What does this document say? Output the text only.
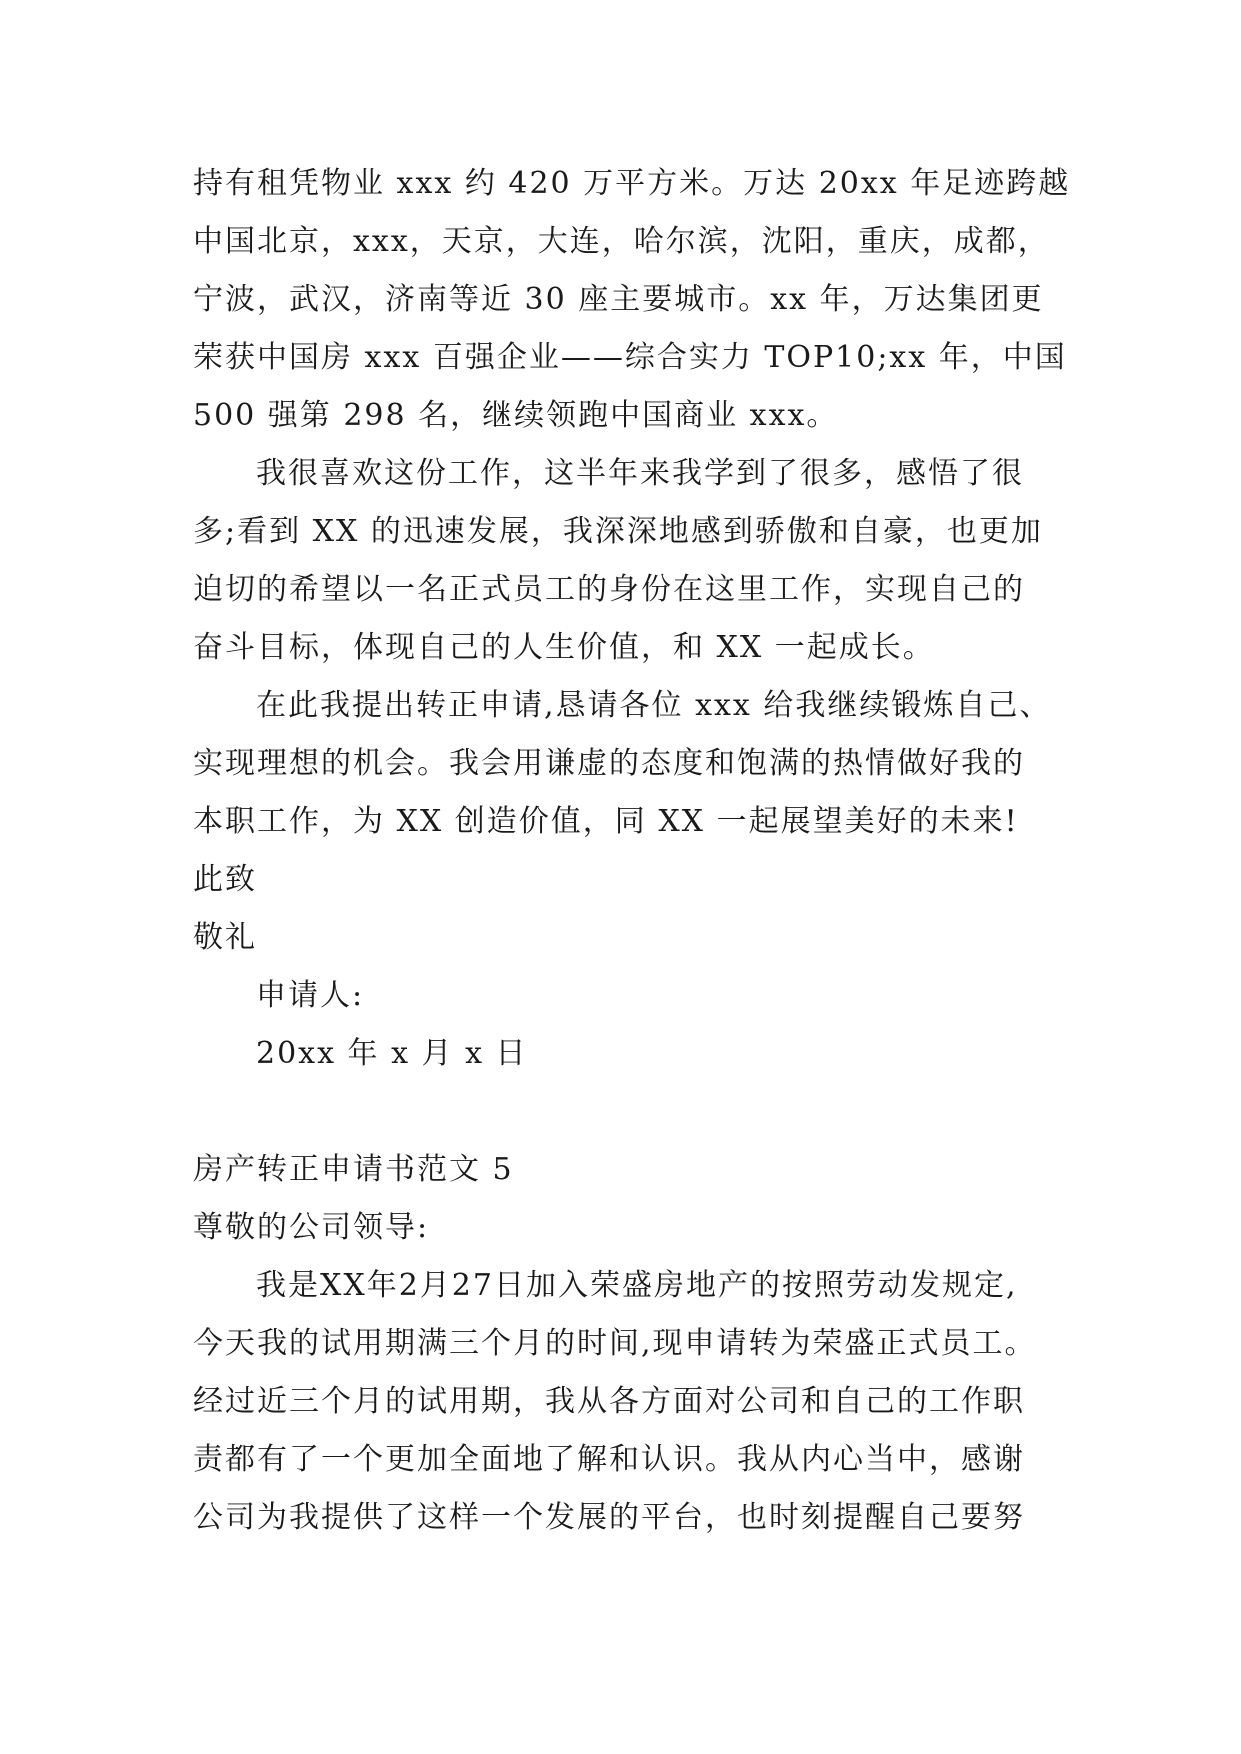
持有租凭物业 xxx 约 420 万平方米。万达 20xx 年足迹跨越
中国北京，xxx，天京，大连，哈尔滨，沈阳，重庆，成都，
宁波，武汉，济南等近 30 座主要城市。xx 年，万达集团更
荣获中国房 xxx 百强企业——综合实力 TOP10;xx 年，中国
500 强第 298 名，继续领跑中国商业 xxx。
我很喜欢这份工作，这半年来我学到了很多，感悟了很
多;看到 XX 的迅速发展，我深深地感到骄傲和自豪，也更加
迫切的希望以一名正式员工的身份在这里工作，实现自己的
奋斗目标，体现自己的人生价值，和 XX 一起成长。
在此我提出转正申请,恳请各位 xxx 给我继续锻炼自己、
实现理想的机会。我会用谦虚的态度和饱满的热情做好我的
本职工作，为 XX 创造价值，同 XX 一起展望美好的未来!
此致
敬礼
申请人:
20xx 年 x 月 x 日
房产转正申请书范文 5
尊敬的公司领导:
我是XX年2月27日加入荣盛房地产的按照劳动发规定,
今天我的试用期满三个月的时间,现申请转为荣盛正式员工。
经过近三个月的试用期，我从各方面对公司和自己的工作职
责都有了一个更加全面地了解和认识。我从内心当中，感谢
公司为我提供了这样一个发展的平台，也时刻提醒自己要努
